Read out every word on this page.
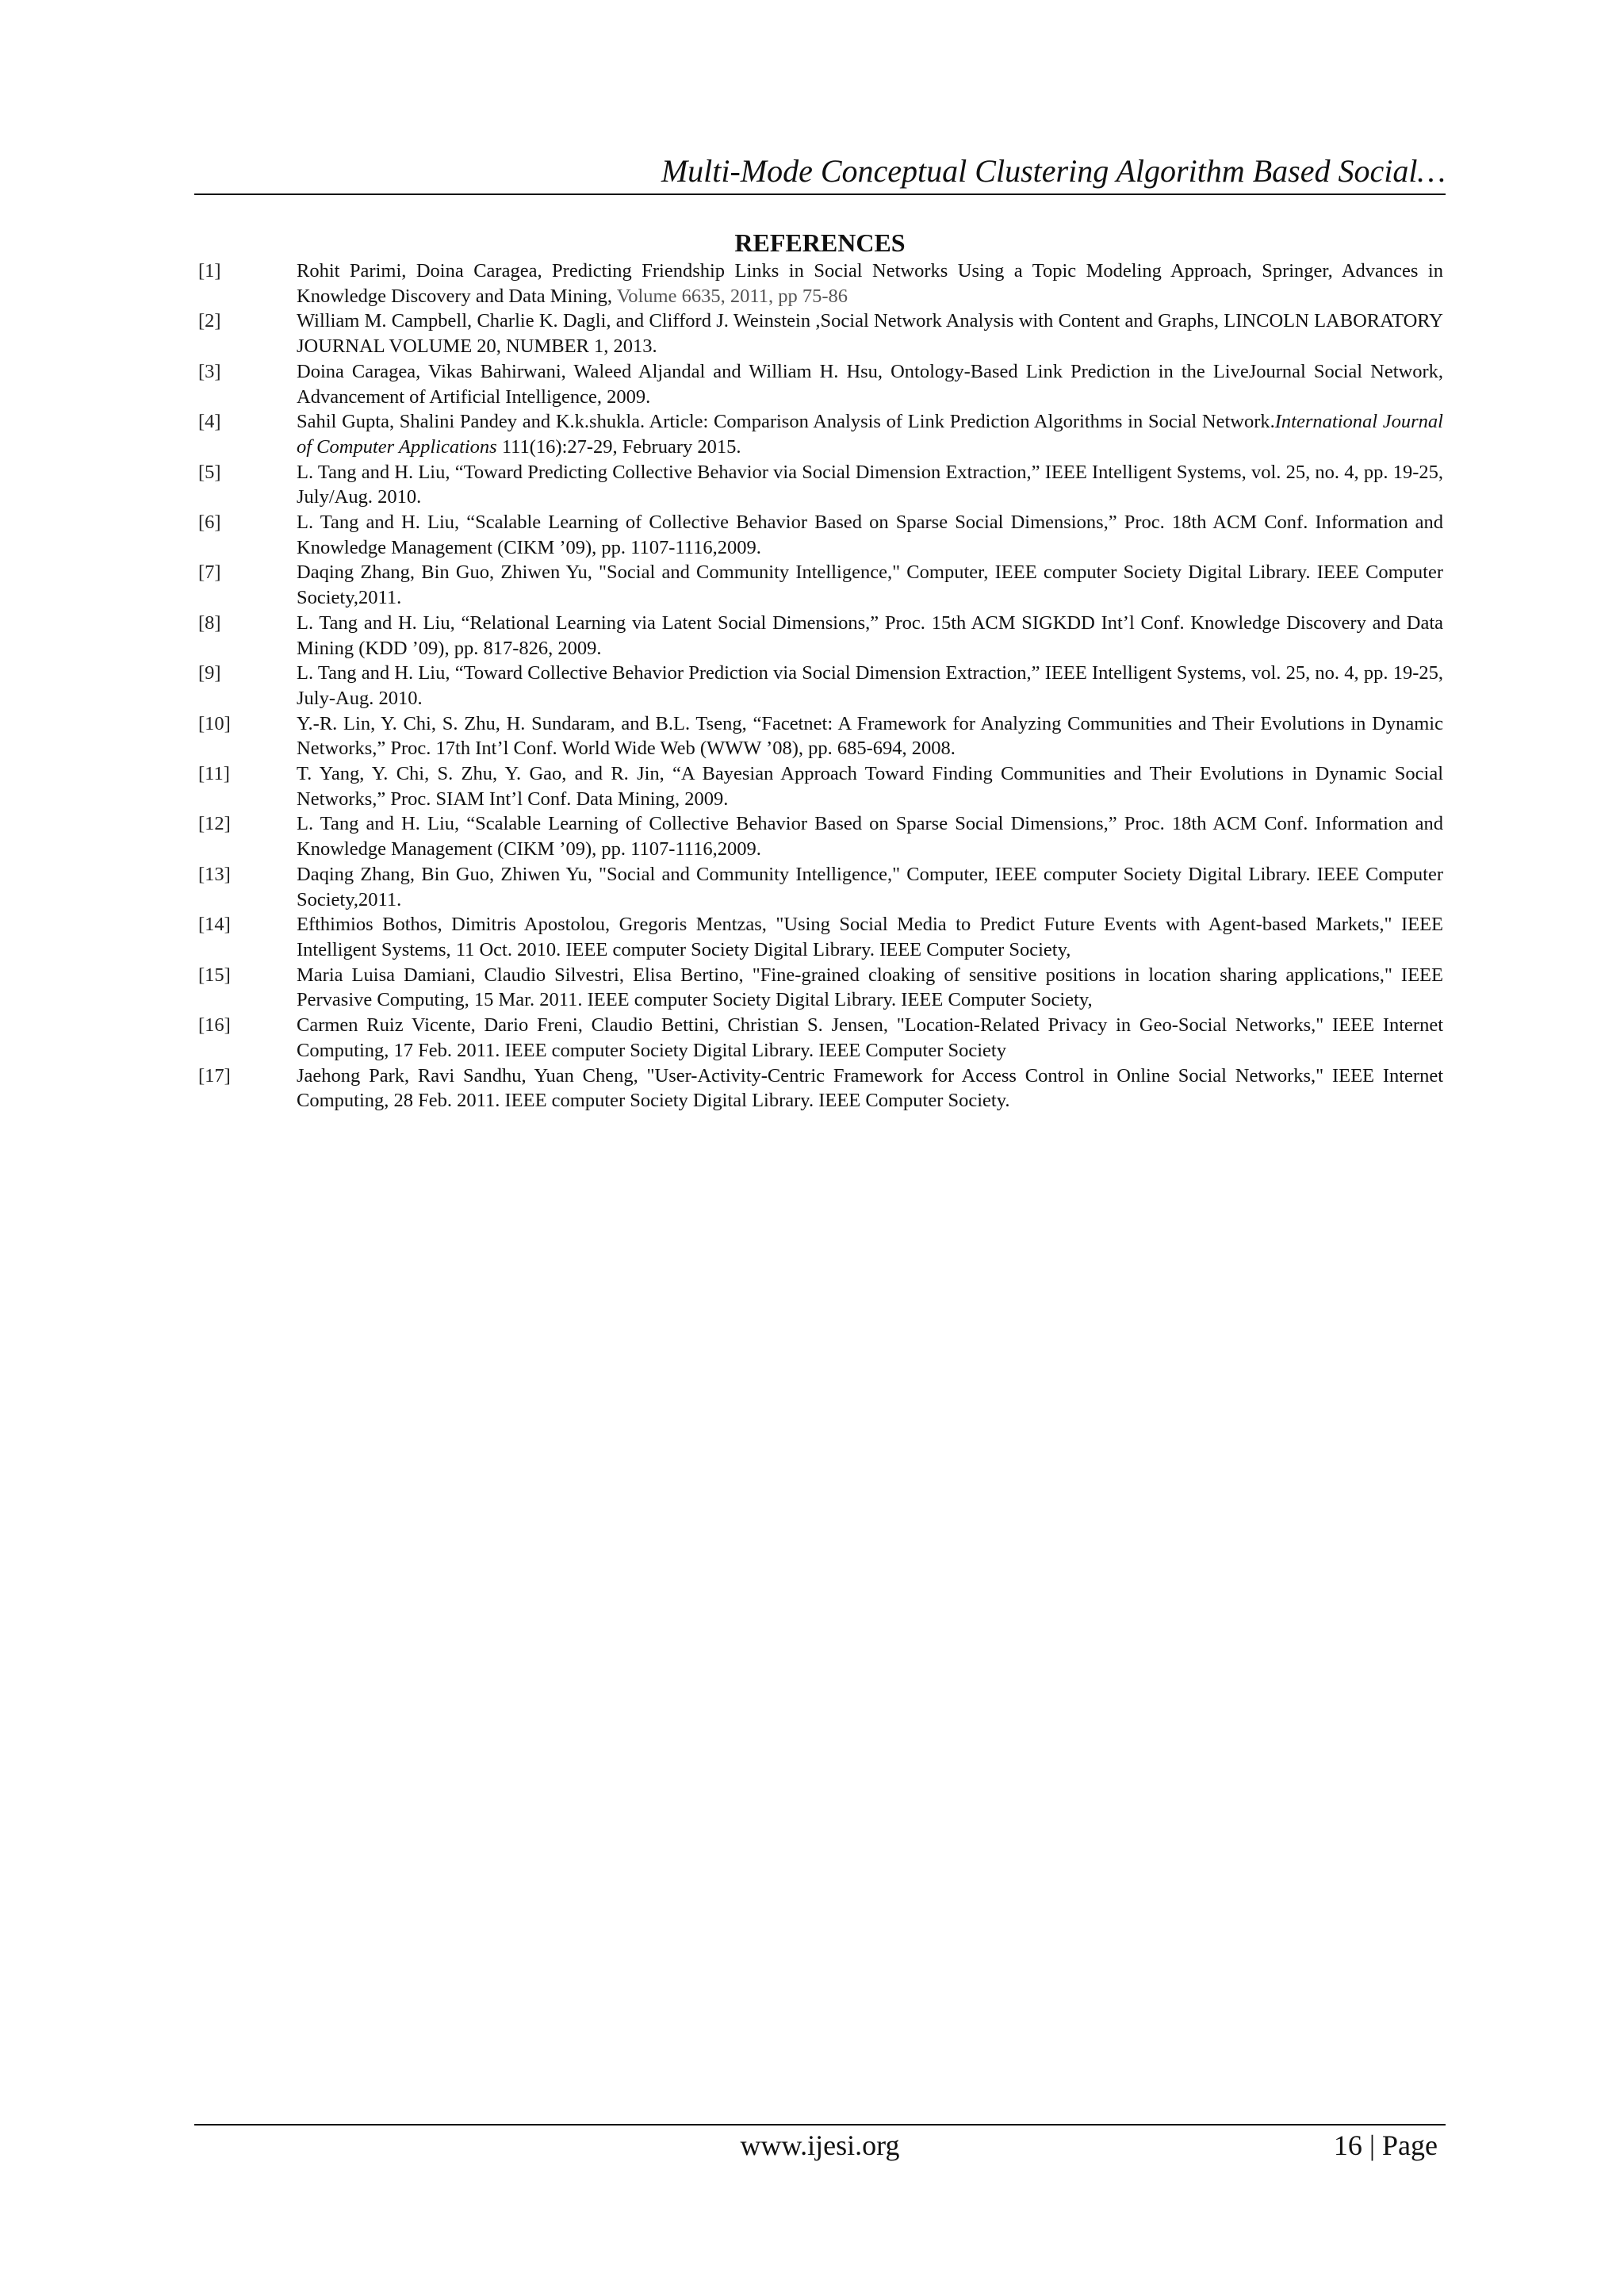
Multi-Mode Conceptual Clustering Algorithm Based Social…
REFERENCES
[1]	Rohit Parimi, Doina Caragea, Predicting Friendship Links in Social Networks Using a Topic Modeling Approach, Springer, Advances in Knowledge Discovery and Data Mining, Volume 6635, 2011, pp 75-86
[2]	William M. Campbell, Charlie K. Dagli, and Clifford J. Weinstein ,Social Network Analysis with Content and Graphs, LINCOLN LABORATORY JOURNAL VOLUME 20, NUMBER 1, 2013.
[3]	Doina Caragea, Vikas Bahirwani, Waleed Aljandal and William H. Hsu, Ontology-Based Link Prediction in the LiveJournal Social Network, Advancement of Artificial Intelligence, 2009.
[4]	Sahil Gupta, Shalini Pandey and K.k.shukla. Article: Comparison Analysis of Link Prediction Algorithms in Social Network.International Journal of Computer Applications 111(16):27-29, February 2015.
[5]	L. Tang and H. Liu, “Toward Predicting Collective Behavior via Social Dimension Extraction,” IEEE Intelligent Systems, vol. 25, no. 4, pp. 19-25, July/Aug. 2010.
[6]	L. Tang and H. Liu, “Scalable Learning of Collective Behavior Based on Sparse Social Dimensions,” Proc. 18th ACM Conf. Information and Knowledge Management (CIKM ’09), pp. 1107-1116,2009.
[7]	Daqing Zhang, Bin Guo, Zhiwen Yu, "Social and Community Intelligence," Computer, IEEE computer Society Digital Library. IEEE Computer Society,2011.
[8]	L. Tang and H. Liu, “Relational Learning via Latent Social Dimensions,” Proc. 15th ACM SIGKDD Int’l Conf. Knowledge Discovery and Data Mining (KDD ’09), pp. 817-826, 2009.
[9]	L. Tang and H. Liu, “Toward Collective Behavior Prediction via Social Dimension Extraction,” IEEE Intelligent Systems, vol. 25, no. 4, pp. 19-25, July-Aug. 2010.
[10]	Y.-R. Lin, Y. Chi, S. Zhu, H. Sundaram, and B.L. Tseng, “Facetnet: A Framework for Analyzing Communities and Their Evolutions in Dynamic Networks,” Proc. 17th Int’l Conf. World Wide Web (WWW ’08), pp. 685-694, 2008.
[11]	T. Yang, Y. Chi, S. Zhu, Y. Gao, and R. Jin, “A Bayesian Approach Toward Finding Communities and Their Evolutions in Dynamic Social Networks,” Proc. SIAM Int’l Conf. Data Mining, 2009.
[12]	L. Tang and H. Liu, “Scalable Learning of Collective Behavior Based on Sparse Social Dimensions,” Proc. 18th ACM Conf. Information and Knowledge Management (CIKM ’09), pp. 1107-1116,2009.
[13]	Daqing Zhang, Bin Guo, Zhiwen Yu, "Social and Community Intelligence," Computer, IEEE computer Society Digital Library. IEEE Computer Society,2011.
[14]	Efthimios Bothos, Dimitris Apostolou, Gregoris Mentzas, "Using Social Media to Predict Future Events with Agent-based Markets," IEEE Intelligent Systems, 11 Oct. 2010. IEEE computer Society Digital Library. IEEE Computer Society,
[15]	Maria Luisa Damiani, Claudio Silvestri, Elisa Bertino, "Fine-grained cloaking of sensitive positions in location sharing applications," IEEE Pervasive Computing, 15 Mar. 2011. IEEE computer Society Digital Library. IEEE Computer Society,
[16]	Carmen Ruiz Vicente, Dario Freni, Claudio Bettini, Christian S. Jensen, "Location-Related Privacy in Geo-Social Networks," IEEE Internet Computing, 17 Feb. 2011. IEEE computer Society Digital Library. IEEE Computer Society
[17]	Jaehong Park, Ravi Sandhu, Yuan Cheng, "User-Activity-Centric Framework for Access Control in Online Social Networks," IEEE Internet Computing, 28 Feb. 2011. IEEE computer Society Digital Library. IEEE Computer Society.
www.ijesi.org	16 | Page
